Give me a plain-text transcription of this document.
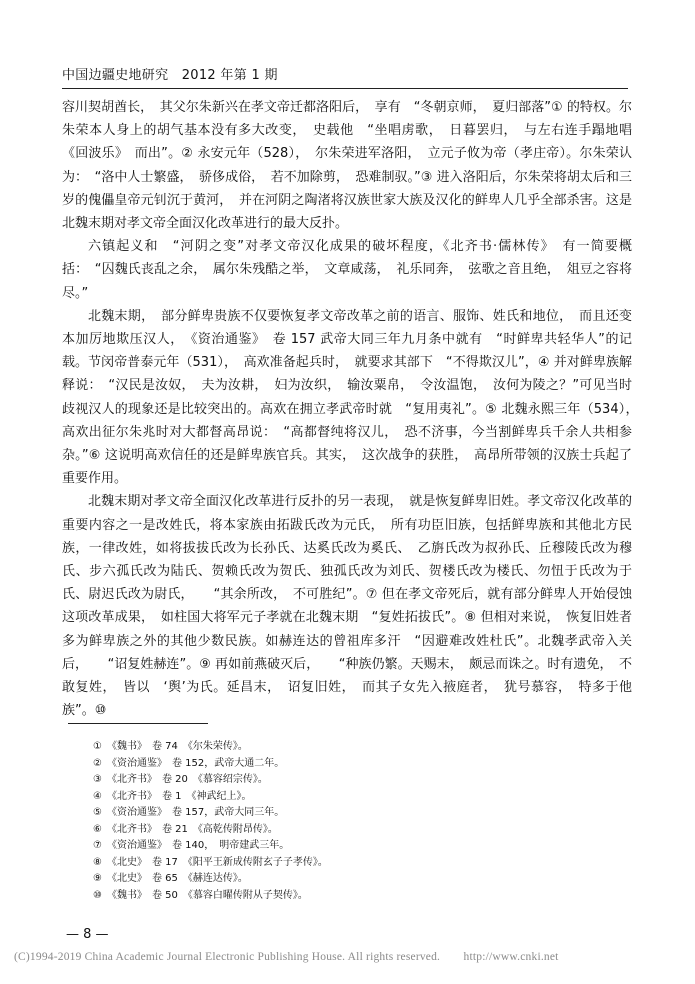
中国边疆史地研究　2012 年第 1 期

容川契胡酋长，　其父尔朱新兴在孝文帝迁都洛阳后，　享有　“冬朝京师，　夏归部落”① 的特权。尔朱荣本人身上的胡气基本没有多大改变，　史载他　“坐唱虏歌，　日暮罢归，　与左右连手蹋地唱　《回波乐》　而出”。② 永安元年（528），　尔朱荣进军洛阳，　立元子攸为帝（孝庄帝）。尔朱荣认为：　“洛中人士繁盛，　骄侈成俗，　若不加除剪，　恐难制驭。”③ 进入洛阳后，尔朱荣将胡太后和三岁的傀儡皇帝元钊沉于黄河，　并在河阴之陶渚将汉族世家大族及汉化的鲜卑人几乎全部杀害。这是北魏末期对孝文帝全面汉化改革进行的最大反扑。

六镇起义和　“河阴之变”对孝文帝汉化成果的破坏程度，《北齐书·儒林传》　有一简要概括：　“囚魏氏丧乱之余，　属尔朱残酷之举，　文章咸荡，　礼乐同奔，　弦歌之音且绝，　俎豆之容将尽。”

北魏末期，　部分鲜卑贵族不仅要恢复孝文帝改革之前的语言、服饰、姓氏和地位，　而且还变本加厉地欺压汉人，　《资治通鉴》　卷 157 武帝大同三年九月条中就有　“时鲜卑共轻华人”的记载。节闵帝普泰元年（531），　高欢准备起兵时，　就要求其部下　“不得欺汉儿”，④ 并对鲜卑族解释说：　“汉民是汝奴，　夫为汝耕，　妇为汝织，　输汝粟帛，　令汝温饱，　汝何为陵之？”可见当时歧视汉人的现象还是比较突出的。高欢在拥立孝武帝时就　“复用夷礼”。⑤ 北魏永熙三年（534），　高欢出征尔朱兆时对大都督高昂说：　“高都督纯将汉儿，　恐不济事，今当割鲜卑兵千余人共相参杂。”⑥ 这说明高欢信任的还是鲜卑族官兵。其实，　这次战争的获胜，　高昂所带领的汉族士兵起了重要作用。

北魏末期对孝文帝全面汉化改革进行反扑的另一表现，　就是恢复鲜卑旧姓。孝文帝汉化改革的重要内容之一是改姓氏，将本家族由拓跋氏改为元氏，　所有功臣旧族，包括鲜卑族和其他北方民族，一律改姓，如将拔拔氏改为长孙氏、达奚氏改为奚氏、　乙旃氏改为叔孙氏、丘穆陵氏改为穆氏、步六孤氏改为陆氏、贺赖氏改为贺氏、独孤氏改为刘氏、贺楼氏改为楼氏、勿忸于氏改为于氏、尉迟氏改为尉氏，　　“其余所改，　不可胜纪”。⑦ 但在孝文帝死后，就有部分鲜卑人开始侵蚀这项改革成果，　如柱国大将军元子孝就在北魏末期　“复姓拓拔氏”。⑧ 但相对来说，　恢复旧姓者多为鲜卑族之外的其他少数民族。如赫连达的曾祖库多汗　“因避难改姓杜氏”。北魏孝武帝入关后，　　“诏复姓赫连”。⑨ 再如前燕破灭后，　　“种族仍繁。天赐末，　颇忌而诛之。时有遗免，　不敢复姓，　皆以　‘舆’为氏。延昌末，　诏复旧姓，　而其子女先入掖庭者，　犹号慕容，　特多于他族”。⑩

①　《魏书》　卷 74　《尔朱荣传》。
②　《资治通鉴》　卷 152，武帝大通二年。
③　《北齐书》　卷 20　《慕容绍宗传》。
④　《北齐书》　卷 1　《神武纪上》。
⑤　《资治通鉴》　卷 157，武帝大同三年。
⑥　《北齐书》　卷 21　《高乾传附昂传》。
⑦　《资治通鉴》　卷 140，　明帝建武三年。
⑧　《北史》　卷 17　《阳平王新成传附玄子子孝传》。
⑨　《北史》　卷 65　《赫连达传》。
⑩　《魏书》　卷 50　《慕容白曜传附从子契传》。
— 8 —
(C)1994-2019 China Academic Journal Electronic Publishing House. All rights reserved.　　http://www.cnki.net
